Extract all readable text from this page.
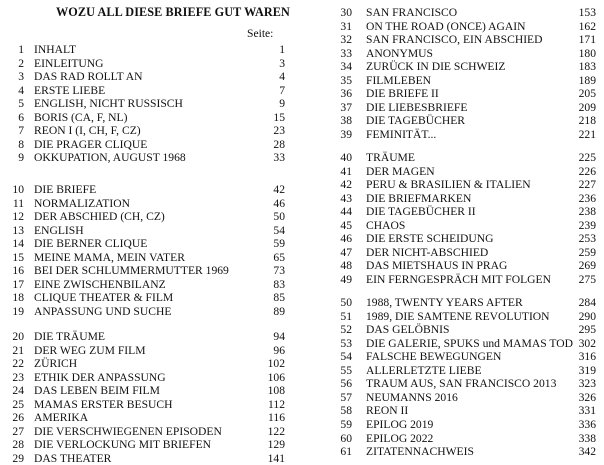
WOZU ALL DIESE BRIEFE GUT WAREN
Seite:
1 INHALT	1
2 EINLEITUNG	3
3 DAS RAD ROLLT AN	4
4 ERSTE LIEBE	7
5 ENGLISH, NICHT RUSSISCH	9
6 BORIS (CA, F, NL)	15
7 REON I (I, CH, F, CZ)	23
8 DIE PRAGER CLIQUE	28
9 OKKUPATION, AUGUST 1968	33
10 DIE BRIEFE	42
11 NORMALIZATION	46
12 DER ABSCHIED (CH, CZ)	50
13 ENGLISH	54
14 DIE BERNER CLIQUE	59
15 MEINE MAMA, MEIN VATER	65
16 BEI DER SCHLUMMERMUTTER 1969	73
17 EINE ZWISCHENBILANZ	83
18 CLIQUE THEATER & FILM	85
19 ANPASSUNG UND SUCHE	89
20 DIE TRÄUME	94
21 DER WEG ZUM FILM	96
22 ZÜRICH	102
23 ETHIK DER ANPASSUNG	106
24 DAS LEBEN BEIM FILM	108
25 MAMAS ERSTER BESUCH	112
26 AMERIKA	116
27 DIE VERSCHWIEGENEN EPISODEN	122
28 DIE VERLOCKUNG MIT BRIEFEN	129
29 DAS THEATER	141
30 SAN FRANCISCO	153
31 ON THE ROAD (ONCE) AGAIN	162
32 SAN FRANCISCO, EIN ABSCHIED	171
33 ANONYMUS	180
34 ZURÜCK IN DIE SCHWEIZ	183
35 FILMLEBEN	189
36 DIE BRIEFE II	205
37 DIE LIEBESBRIEFE	209
38 DIE TAGEBÜCHER	218
39 FEMINITÄT...	221
40 TRÄUME	225
41 DER MAGEN	226
42 PERU & BRASILIEN & ITALIEN	227
43 DIE BRIEFMARKEN	236
44 DIE TAGEBÜCHER II	238
45 CHAOS	239
46 DIE ERSTE SCHEIDUNG	253
47 DER NICHT-ABSCHIED	259
48 DAS MIETSHAUS IN PRAG	269
49 EIN FERNGESPRÄCH MIT FOLGEN 275
50 1988, TWENTY YEARS AFTER	284
51 1989, DIE SAMTENE REVOLUTION	290
52 DAS GELÖBNIS	295
53 DIE GALERIE, SPUKS und MAMAS TOD 302
54 FALSCHE BEWEGUNGEN	316
55 ALLERLETZTE LIEBE	319
56 TRAUM AUS, SAN FRANCISCO 2013 323
57 NEUMANNS 2016	326
58 REON II	331
59 EPILOG 2019	336
60 EPILOG 2022	338
61 ZITATENNACHWEIS	342
